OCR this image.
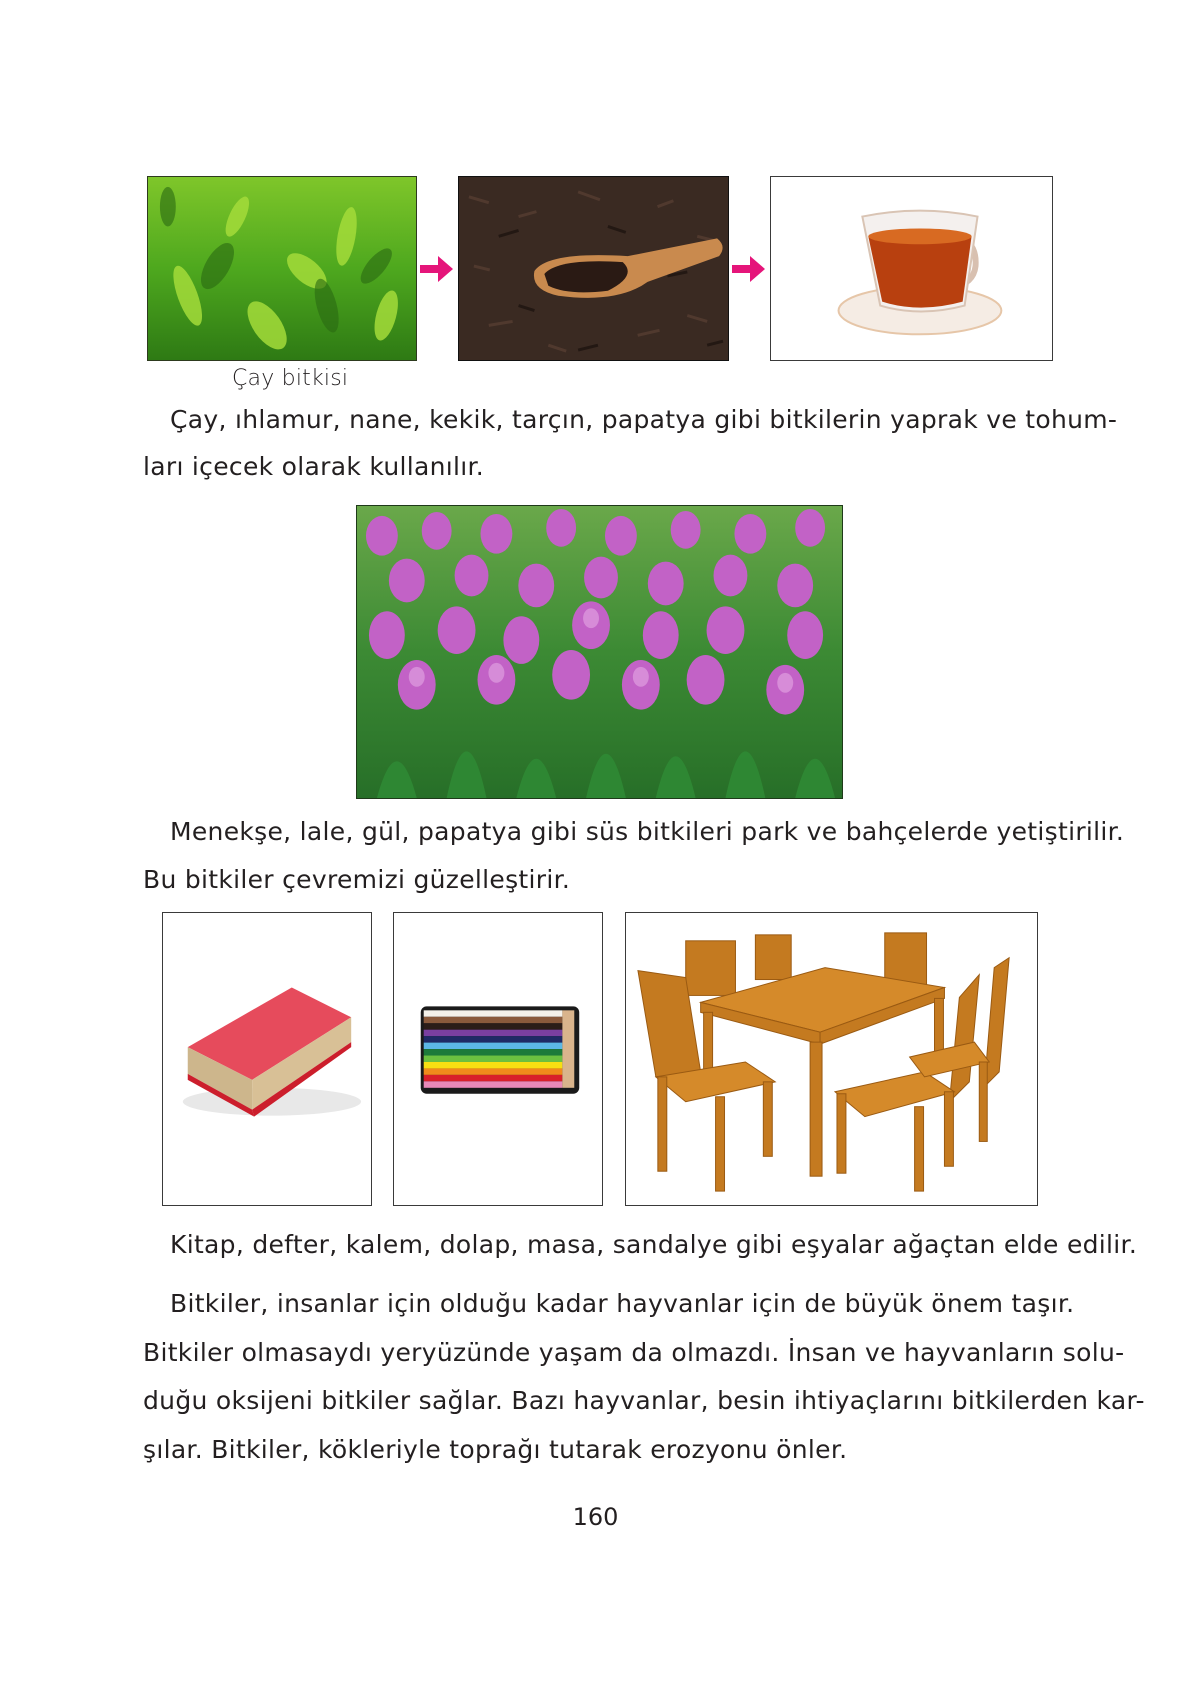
Çay bitkisi
Çay, ıhlamur, nane, kekik, tarçın, papatya gibi bitkilerin yaprak ve tohum-
ları içecek olarak kullanılır.
Menekşe, lale, gül, papatya gibi süs bitkileri park ve bahçelerde yetiştirilir.
Bu bitkiler çevremizi güzelleştirir.
Kitap, defter, kalem, dolap, masa, sandalye gibi eşyalar ağaçtan elde edilir.
Bitkiler, insanlar için olduğu kadar hayvanlar için de büyük önem taşır.
Bitkiler olmasaydı yeryüzünde yaşam da olmazdı. İnsan ve hayvanların solu-
duğu oksijeni bitkiler sağlar. Bazı hayvanlar, besin ihtiyaçlarını bitkilerden kar-
şılar. Bitkiler, kökleriyle toprağı tutarak erozyonu önler.
160
